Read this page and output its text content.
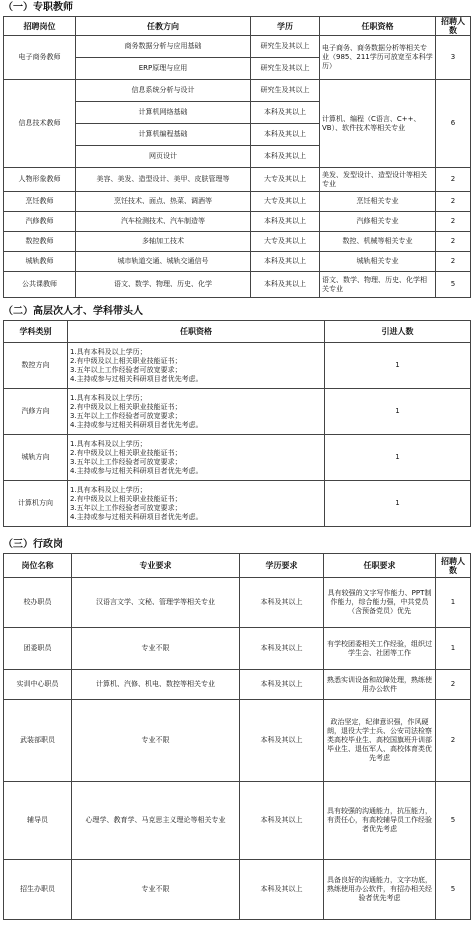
（一）专职教师
招聘岗位	任教方向	学历	任职资格	招聘人数
电子商务教师	商务数据分析与应用基础	研究生及其以上	电子商务、商务数据分析等相关专业（985、211学历可放宽至本科学历）	3
	ERP原理与应用	研究生及其以上		
信息技术教师	信息系统分析与设计	研究生及其以上	计算机、编程（C语言、C++、VB）、软件技术等相关专业	6
	计算机网络基础	本科及其以上		
	计算机编程基础	本科及其以上		
	网页设计	本科及其以上		
人物形象教师	美容、美发、造型设计、美甲、皮肤管理等	大专及其以上	美发、发型设计、造型设计等相关专业	2
烹饪教师	烹饪技术、面点、热菜、调酒等	大专及其以上	烹饪相关专业	2
汽修教师	汽车检测技术、汽车制造等	本科及其以上	汽修相关专业	2
数控教师	多轴加工技术	大专及其以上	数控、机械等相关专业	2
城轨教师	城市轨道交通、城轨交通信号	本科及其以上	城轨相关专业	2
公共课教师	语文、数学、物理、历史、化学	本科及其以上	语文、数学、物理、历史、化学相关专业	5
（二）高层次人才、学科带头人
学科类别	任职资格	引进人数
数控方向	1.具有本科及以上学历；
2.有中级及以上相关职业技能证书；
3.五年以上工作经验者可放宽要求；
4.主持或参与过相关科研项目者优先考虑。	1
汽修方向	1.具有本科及以上学历；
2.有中级及以上相关职业技能证书；
3.五年以上工作经验者可放宽要求；
4.主持或参与过相关科研项目者优先考虑。	1
城轨方向	1.具有本科及以上学历；
2.有中级及以上相关职业技能证书；
3.五年以上工作经验者可放宽要求；
4.主持或参与过相关科研项目者优先考虑。	1
计算机方向	1.具有本科及以上学历；
2.有中级及以上相关职业技能证书；
3.五年以上工作经验者可放宽要求；
4.主持或参与过相关科研项目者优先考虑。	1
（三）行政岗
岗位名称	专业要求	学历要求	任职要求	招聘人数
校办职员	汉语言文学、文秘、管理学等相关专业	本科及其以上	具有较强的文字写作能力、PPT制作能力，综合能力强，中共党员（含预备党员）优先	1
团委职员	专业不限	本科及其以上	有学校团委相关工作经验，组织过学生会、社团等工作	1
实训中心职员	计算机、汽修、机电、数控等相关专业	本科及其以上	熟悉实训设备和故障处理，熟练使用办公软件	2
武装部职员	专业不限	本科及其以上	政治坚定，纪律意识强，作风硬朗，退役大学士兵、公安司法检察类高校毕业生、高校国旗班升训部毕业生、退伍军人、高校体育类优先考虑	2
辅导员	心理学、教育学、马克思主义理论等相关专业	本科及其以上	具有较强的沟通能力，抗压能力，有责任心，有高校辅导员工作经验者优先考虑	5
招生办职员	专业不限	本科及其以上	具备良好的沟通能力，文字功底，熟练使用办公软件，有招办相关经验者优先考虑	5
